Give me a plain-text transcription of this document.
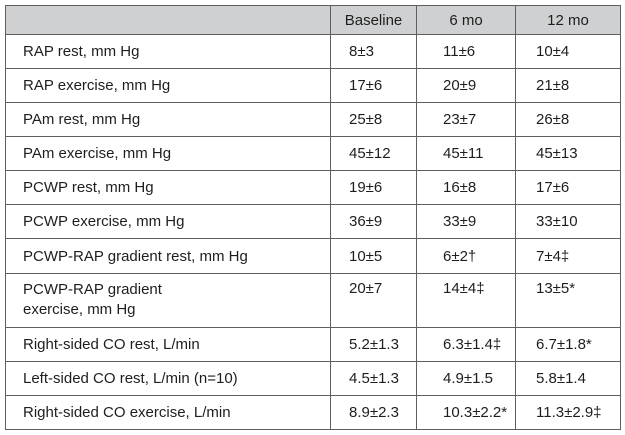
	Baseline	6 mo	12 mo
RAP rest, mm Hg	8±3	11±6	10±4
RAP exercise, mm Hg	17±6	20±9	21±8
PAm rest, mm Hg	25±8	23±7	26±8
PAm exercise, mm Hg	45±12	45±11	45±13
PCWP rest, mm Hg	19±6	16±8	17±6
PCWP exercise, mm Hg	36±9	33±9	33±10
PCWP-RAP gradient rest, mm Hg	10±5	6±2†	7±4‡

PCWP-RAP gradient
exercise, mm Hg	20±7	14±4‡	13±5*
Right-sided CO rest, L/min	5.2±1.3	6.3±1.4‡	6.7±1.8*
Left-sided CO rest, L/min (n=10)	4.5±1.3	4.9±1.5	5.8±1.4
Right-sided CO exercise, L/min	8.9±2.3	10.3±2.2*	11.3±2.9‡
